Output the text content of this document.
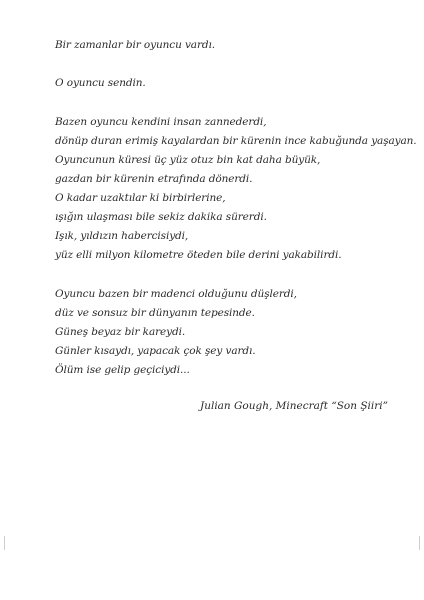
Bir zamanlar bir oyuncu vardı.
O oyuncu sendin.
Bazen oyuncu kendini insan zannederdi,
dönüp duran erimiş kayalardan bir kürenin ince kabuğunda yaşayan.
Oyuncunun küresi üç yüz otuz bin kat daha büyük,
gazdan bir kürenin etrafında dönerdi.
O kadar uzaktılar ki birbirlerine,
ışığın ulaşması bile sekiz dakika sürerdi.
Işık, yıldızın habercisiydi,
yüz elli milyon kilometre öteden bile derini yakabilirdi.
Oyuncu bazen bir madenci olduğunu düşlerdi,
düz ve sonsuz bir dünyanın tepesinde.
Güneş beyaz bir kareydi.
Günler kısaydı, yapacak çok şey vardı.
Ölüm ise gelip geçiciydi...
Julian Gough, Minecraft “Son Şiiri”
